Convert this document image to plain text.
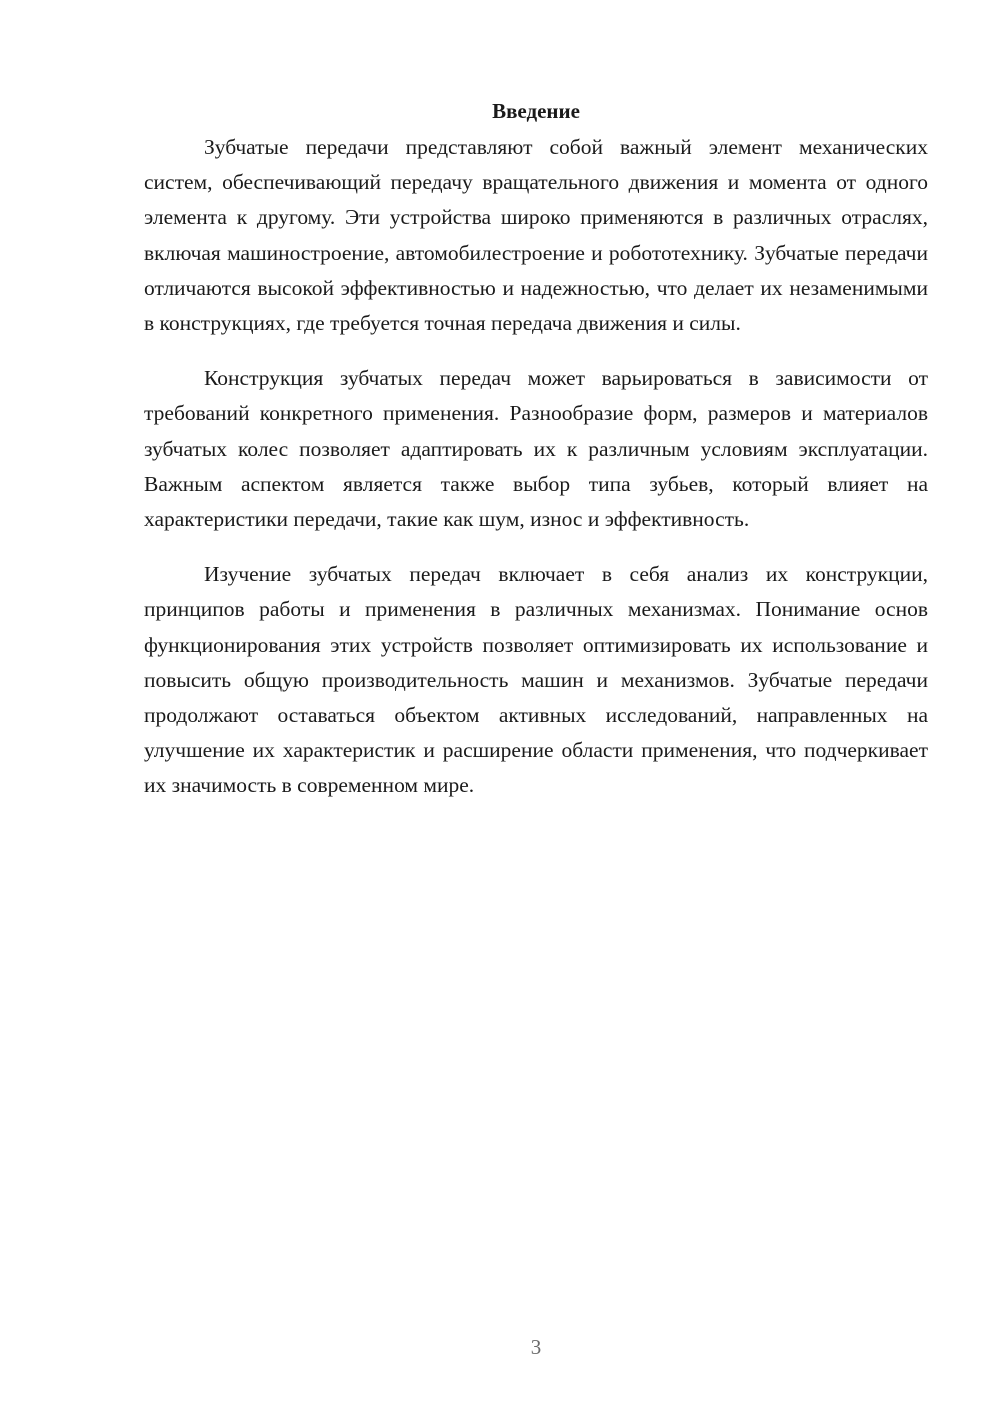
Введение

Зубчатые передачи представляют собой важный элемент механических систем, обеспечивающий передачу вращательного движения и момента от одного элемента к другому. Эти устройства широко применяются в различных отраслях, включая машиностроение, автомобилестроение и робототехнику. Зубчатые передачи отличаются высокой эффективностью и надежностью, что делает их незаменимыми в конструкциях, где требуется точная передача движения и силы.

Конструкция зубчатых передач может варьироваться в зависимости от требований конкретного применения. Разнообразие форм, размеров и материалов зубчатых колес позволяет адаптировать их к различным условиям эксплуатации. Важным аспектом является также выбор типа зубьев, который влияет на характеристики передачи, такие как шум, износ и эффективность.

Изучение зубчатых передач включает в себя анализ их конструкции, принципов работы и применения в различных механизмах. Понимание основ функционирования этих устройств позволяет оптимизировать их использование и повысить общую производительность машин и механизмов. Зубчатые передачи продолжают оставаться объектом активных исследований, направленных на улучшение их характеристик и расширение области применения, что подчеркивает их значимость в современном мире.

3
